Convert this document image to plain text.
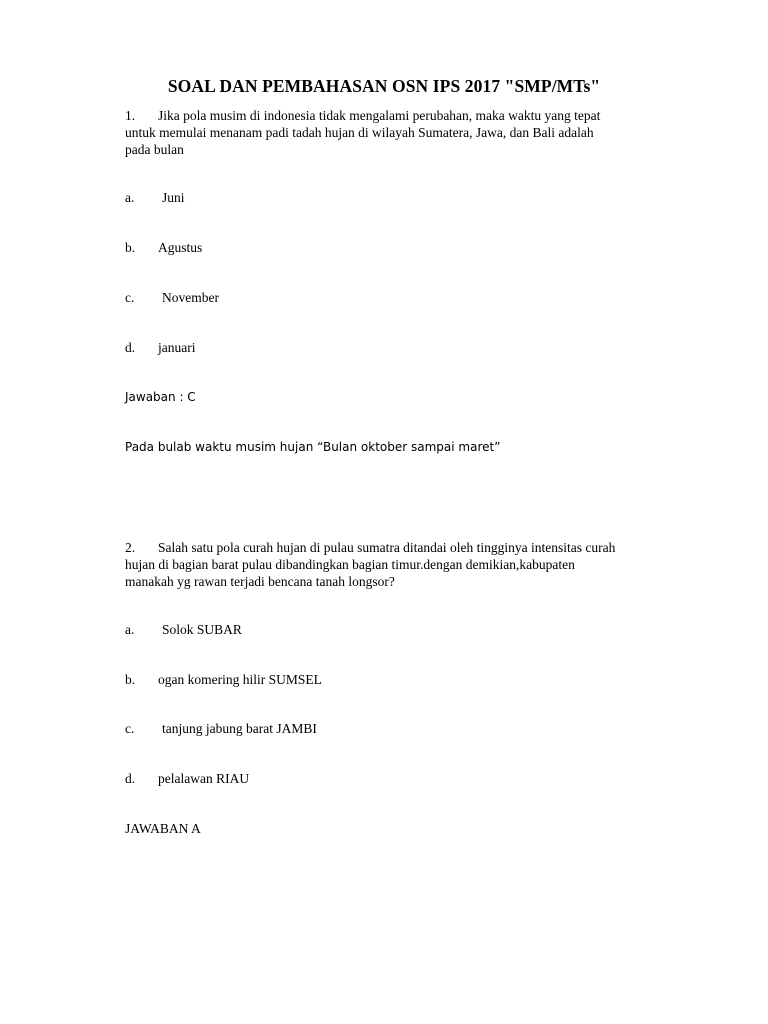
SOAL DAN PEMBAHASAN OSN IPS 2017 "SMP/MTs"
1. Jika pola musim di indonesia tidak mengalami perubahan, maka waktu yang tepat
untuk memulai menanam padi tadah hujan di wilayah Sumatera, Jawa, dan Bali adalah
pada bulan
a. Juni
b. Agustus
c. November
d. januari
Jawaban : C
Pada bulab waktu musim hujan “Bulan oktober sampai maret”
2. Salah satu pola curah hujan di pulau sumatra ditandai oleh tingginya intensitas curah
hujan di bagian barat pulau dibandingkan bagian timur.dengan demikian,kabupaten
manakah yg rawan terjadi bencana tanah longsor?
a. Solok SUBAR
b. ogan komering hilir SUMSEL
c. tanjung jabung barat JAMBI
d. pelalawan RIAU
JAWABAN A
